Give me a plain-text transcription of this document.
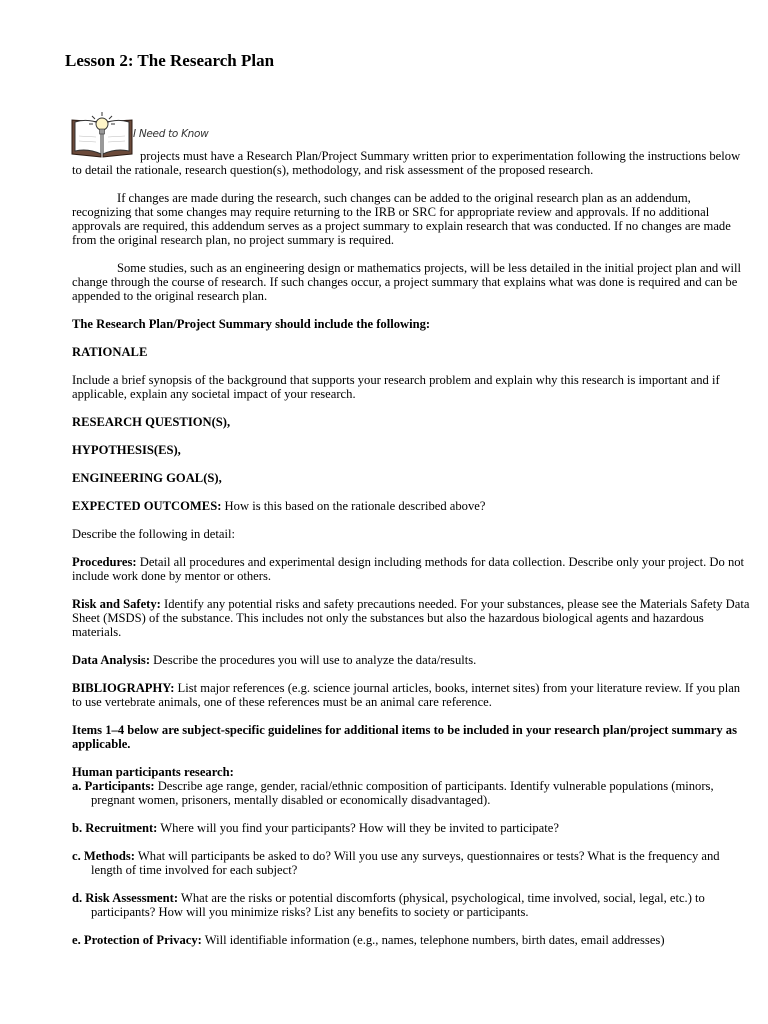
Lesson 2: The Research Plan
I Need to Know

projects must have a Research Plan/Project Summary written prior to experimentation following the instructions below to detail the rationale, research question(s), methodology, and risk assessment of the proposed research.

If changes are made during the research, such changes can be added to the original research plan as an addendum, recognizing that some changes may require returning to the IRB or SRC for appropriate review and approvals. If no additional approvals are required, this addendum serves as a project summary to explain research that was conducted. If no changes are made from the original research plan, no project summary is required.

Some studies, such as an engineering design or mathematics projects, will be less detailed in the initial project plan and will change through the course of research. If such changes occur, a project summary that explains what was done is required and can be appended to the original research plan.

The Research Plan/Project Summary should include the following:

RATIONALE

Include a brief synopsis of the background that supports your research problem and explain why this research is important and if applicable, explain any societal impact of your research.

RESEARCH QUESTION(S),

HYPOTHESIS(ES),

ENGINEERING GOAL(S),

EXPECTED OUTCOMES: How is this based on the rationale described above?

Describe the following in detail:

Procedures: Detail all procedures and experimental design including methods for data collection. Describe only your project. Do not include work done by mentor or others.

Risk and Safety: Identify any potential risks and safety precautions needed. For your substances, please see the Materials Safety Data Sheet (MSDS) of the substance. This includes not only the substances but also the hazardous biological agents and hazardous materials.

Data Analysis: Describe the procedures you will use to analyze the data/results.

BIBLIOGRAPHY: List major references (e.g. science journal articles, books, internet sites) from your literature review. If you plan to use vertebrate animals, one of these references must be an animal care reference.

Items 1–4 below are subject-specific guidelines for additional items to be included in your research plan/project summary as applicable.

Human participants research:

a. Participants: Describe age range, gender, racial/ethnic composition of participants. Identify vulnerable populations (minors, pregnant women, prisoners, mentally disabled or economically disadvantaged).

b. Recruitment: Where will you find your participants? How will they be invited to participate?

c. Methods: What will participants be asked to do? Will you use any surveys, questionnaires or tests? What is the frequency and length of time involved for each subject?

d. Risk Assessment: What are the risks or potential discomforts (physical, psychological, time involved, social, legal, etc.) to participants? How will you minimize risks? List any benefits to society or participants.

e. Protection of Privacy: Will identifiable information (e.g., names, telephone numbers, birth dates, email addresses)
